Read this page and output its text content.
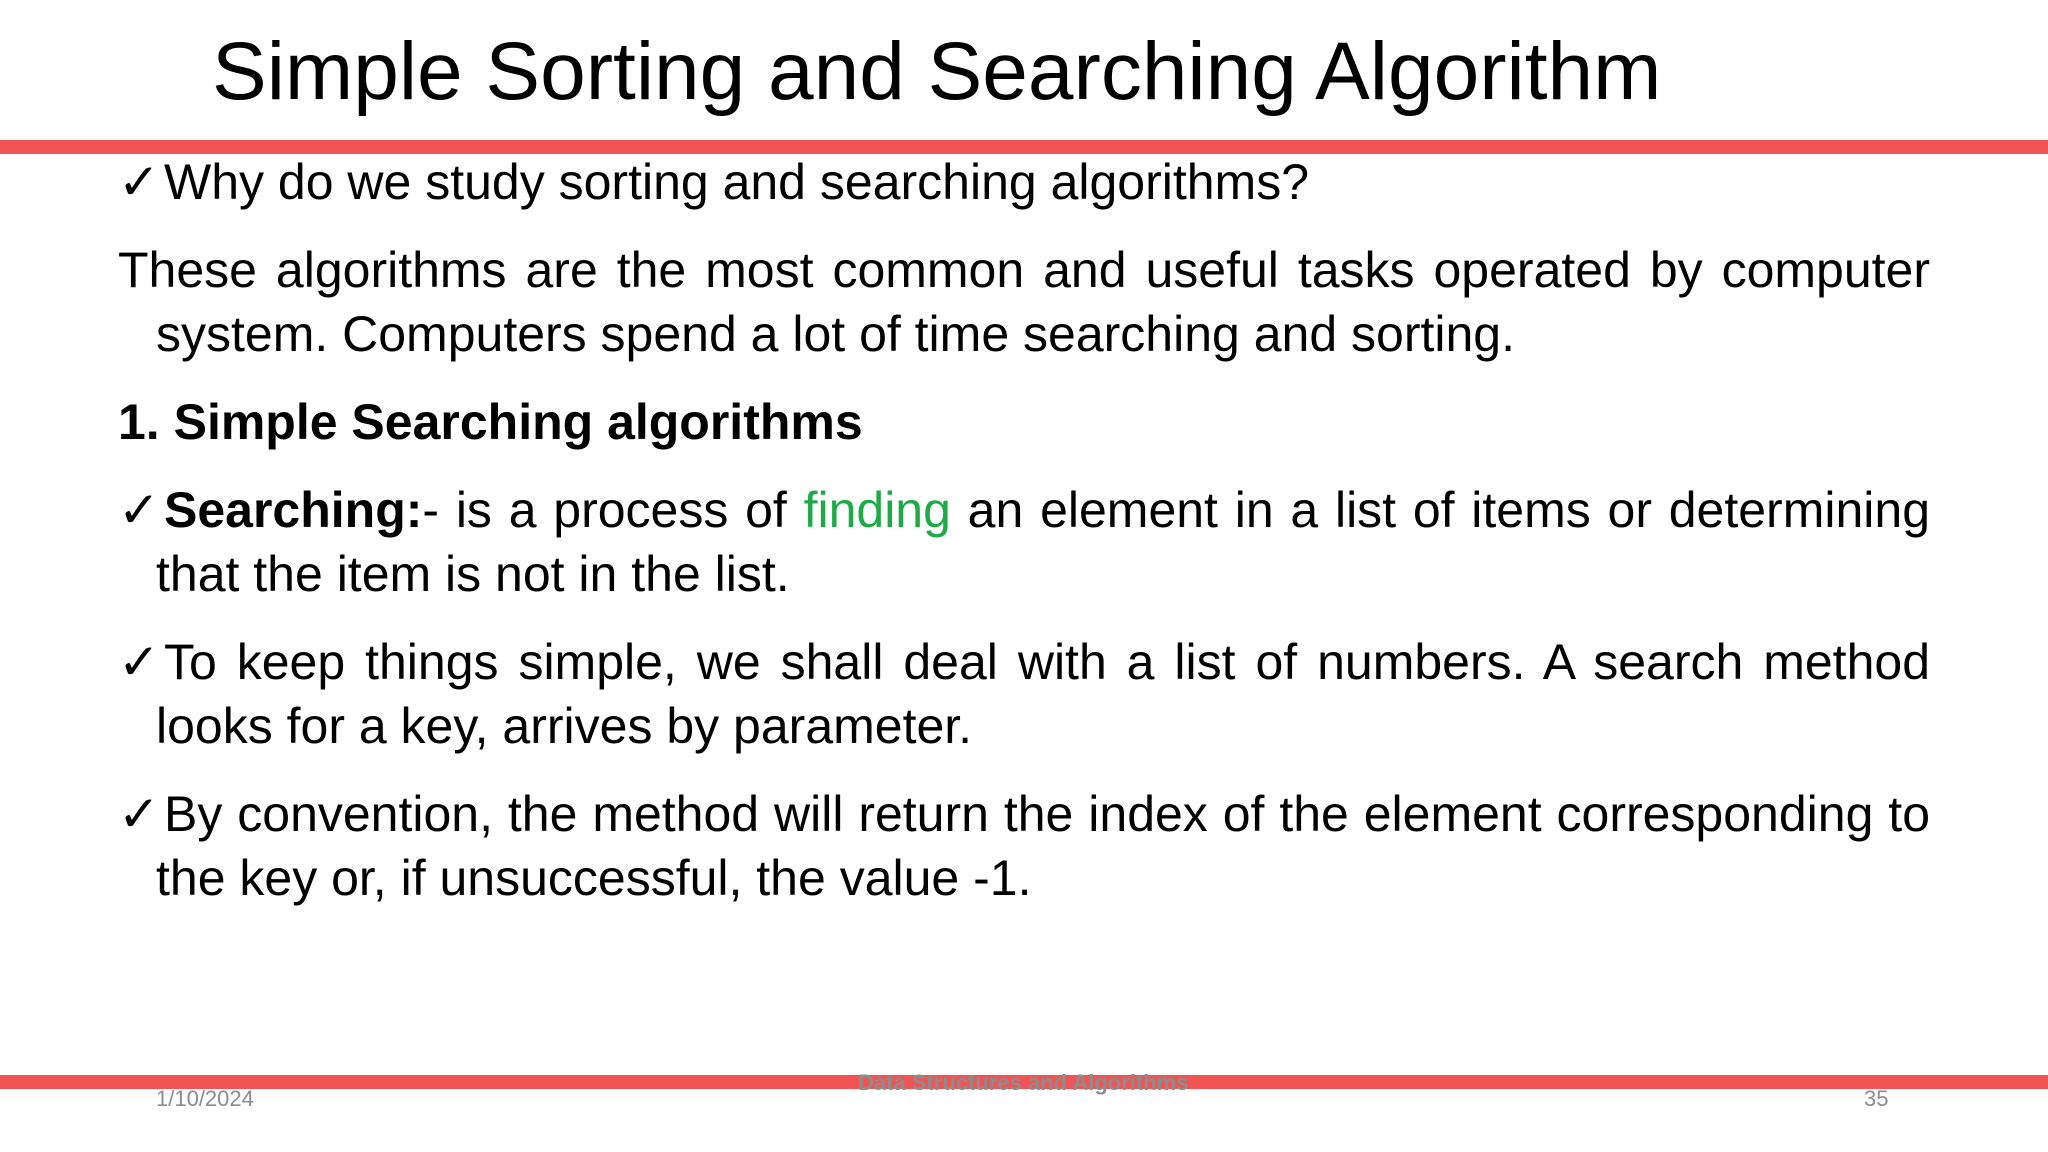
Simple Sorting and Searching Algorithm

✓Why do we study sorting and searching algorithms?

These algorithms are the most common and useful tasks operated by computer system. Computers spend a lot of time searching and sorting.

1. Simple Searching algorithms

✓Searching:- is a process of finding an element in a list of items or determining that the item is not in the list.

✓To keep things simple, we shall deal with a list of numbers. A search method looks for a key, arrives by parameter.

✓By convention, the method will return the index of the element corresponding to the key or, if unsuccessful, the value -1.

1/10/2024
Data Structures and Algorithms
35
